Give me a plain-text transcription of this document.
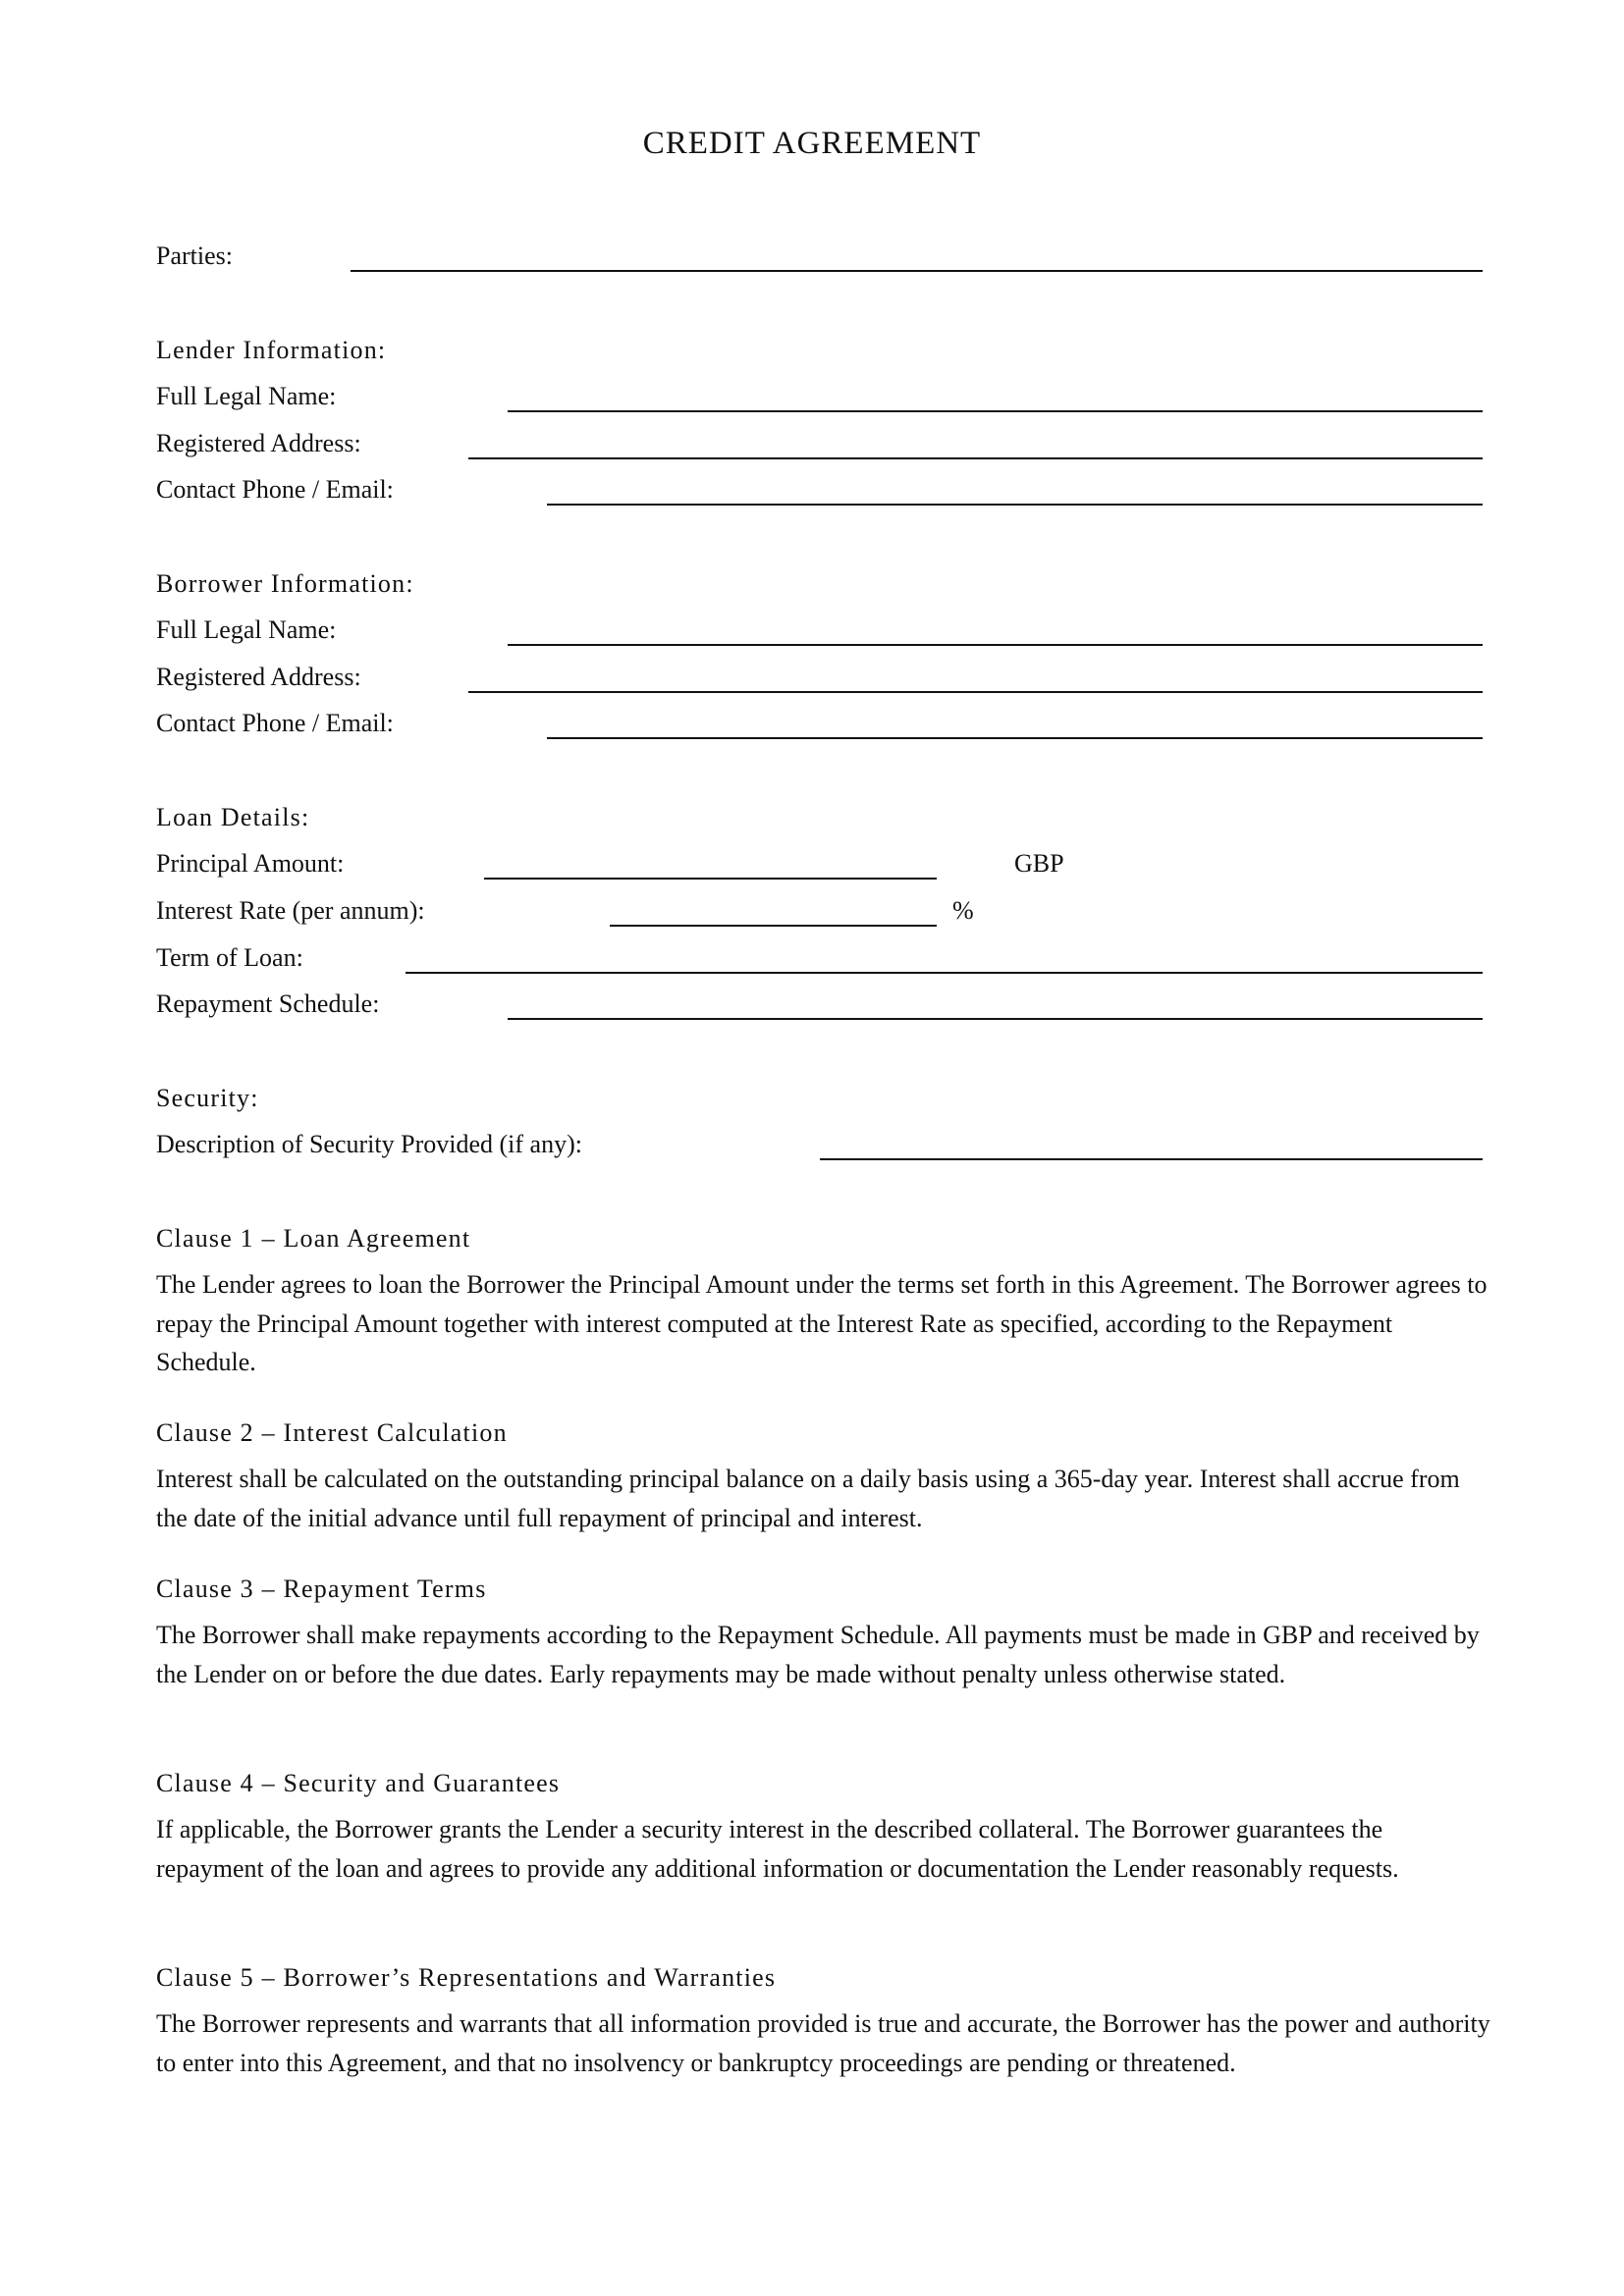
CREDIT AGREEMENT
Parties:
Lender Information:
Full Legal Name:
Registered Address:
Contact Phone / Email:
Borrower Information:
Full Legal Name:
Registered Address:
Contact Phone / Email:
Loan Details:
Principal Amount:	GBP
Interest Rate (per annum):	%
Term of Loan:
Repayment Schedule:
Security:
Description of Security Provided (if any):
Clause 1 – Loan Agreement
The Lender agrees to loan the Borrower the Principal Amount under the terms set forth in this Agreement. The Borrower agrees to repay the Principal Amount together with interest computed at the Interest Rate as specified, according to the Repayment Schedule.
Clause 2 – Interest Calculation
Interest shall be calculated on the outstanding principal balance on a daily basis using a 365-day year. Interest shall accrue from the date of the initial advance until full repayment of principal and interest.
Clause 3 – Repayment Terms
The Borrower shall make repayments according to the Repayment Schedule. All payments must be made in GBP and received by the Lender on or before the due dates. Early repayments may be made without penalty unless otherwise stated.
Clause 4 – Security and Guarantees
If applicable, the Borrower grants the Lender a security interest in the described collateral. The Borrower guarantees the repayment of the loan and agrees to provide any additional information or documentation the Lender reasonably requests.
Clause 5 – Borrower’s Representations and Warranties
The Borrower represents and warrants that all information provided is true and accurate, the Borrower has the power and authority to enter into this Agreement, and that no insolvency or bankruptcy proceedings are pending or threatened.
